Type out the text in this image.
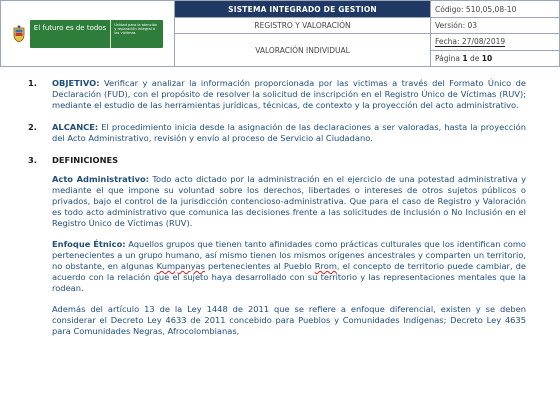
El futuro es de todos Unidad para la atención y reparación integral a las víctimas	SISTEMA INTEGRADO DE GESTION	Código: 510,05,08-10
	REGISTRO Y VALORACIÓN	Versión: 03
	VALORACIÓN INDIVIDUAL	Fecha: 27/08/2019
		Página 1 de 10
1.	OBJETIVO: Verificar y analizar la información proporcionada por las victimas a través del Formato Único de Declaración (FUD), con el propósito de resolver la solicitud de inscripción en el Registro Único de Víctimas (RUV); mediante el estudio de las herramientas jurídicas, técnicas, de contexto y la proyección del acto administrativo.
2.	ALCANCE: El procedimiento inicia desde la asignación de las declaraciones a ser valoradas, hasta la proyección del Acto Administrativo, revisión y envío al proceso de Servicio al Ciudadano.
3.	DEFINICIONES
Acto Administrativo: Todo acto dictado por la administración en el ejercicio de una potestad administrativa y mediante el que impone su voluntad sobre los derechos, libertades o intereses de otros sujetos públicos o privados, bajo el control de la jurisdicción contencioso-administrativa. Que para el caso de Registro y Valoración es todo acto administrativo que comunica las decisiones frente a las solicitudes de Inclusión o No Inclusión en el Registro Único de Víctimas (RUV).
Enfoque Étnico: Aquellos grupos que tienen tanto afinidades como prácticas culturales que los identifican como pertenecientes a un grupo humano, así mismo tienen los mismos orígenes ancestrales y comparten un territorio, no obstante, en algunas Kumpanyas pertenecientes al Pueblo Rrom, el concepto de territorio puede cambiar, de acuerdo con la relación que el sujeto haya desarrollado con su territorio y las representaciones mentales que la rodean.
Además del artículo 13 de la Ley 1448 de 2011 que se refiere a enfoque diferencial, existen y se deben considerar el Decreto Ley 4633 de 2011 concebido para Pueblos y Comunidades Indígenas; Decreto Ley 4635 para Comunidades Negras, Afrocolombianas,
